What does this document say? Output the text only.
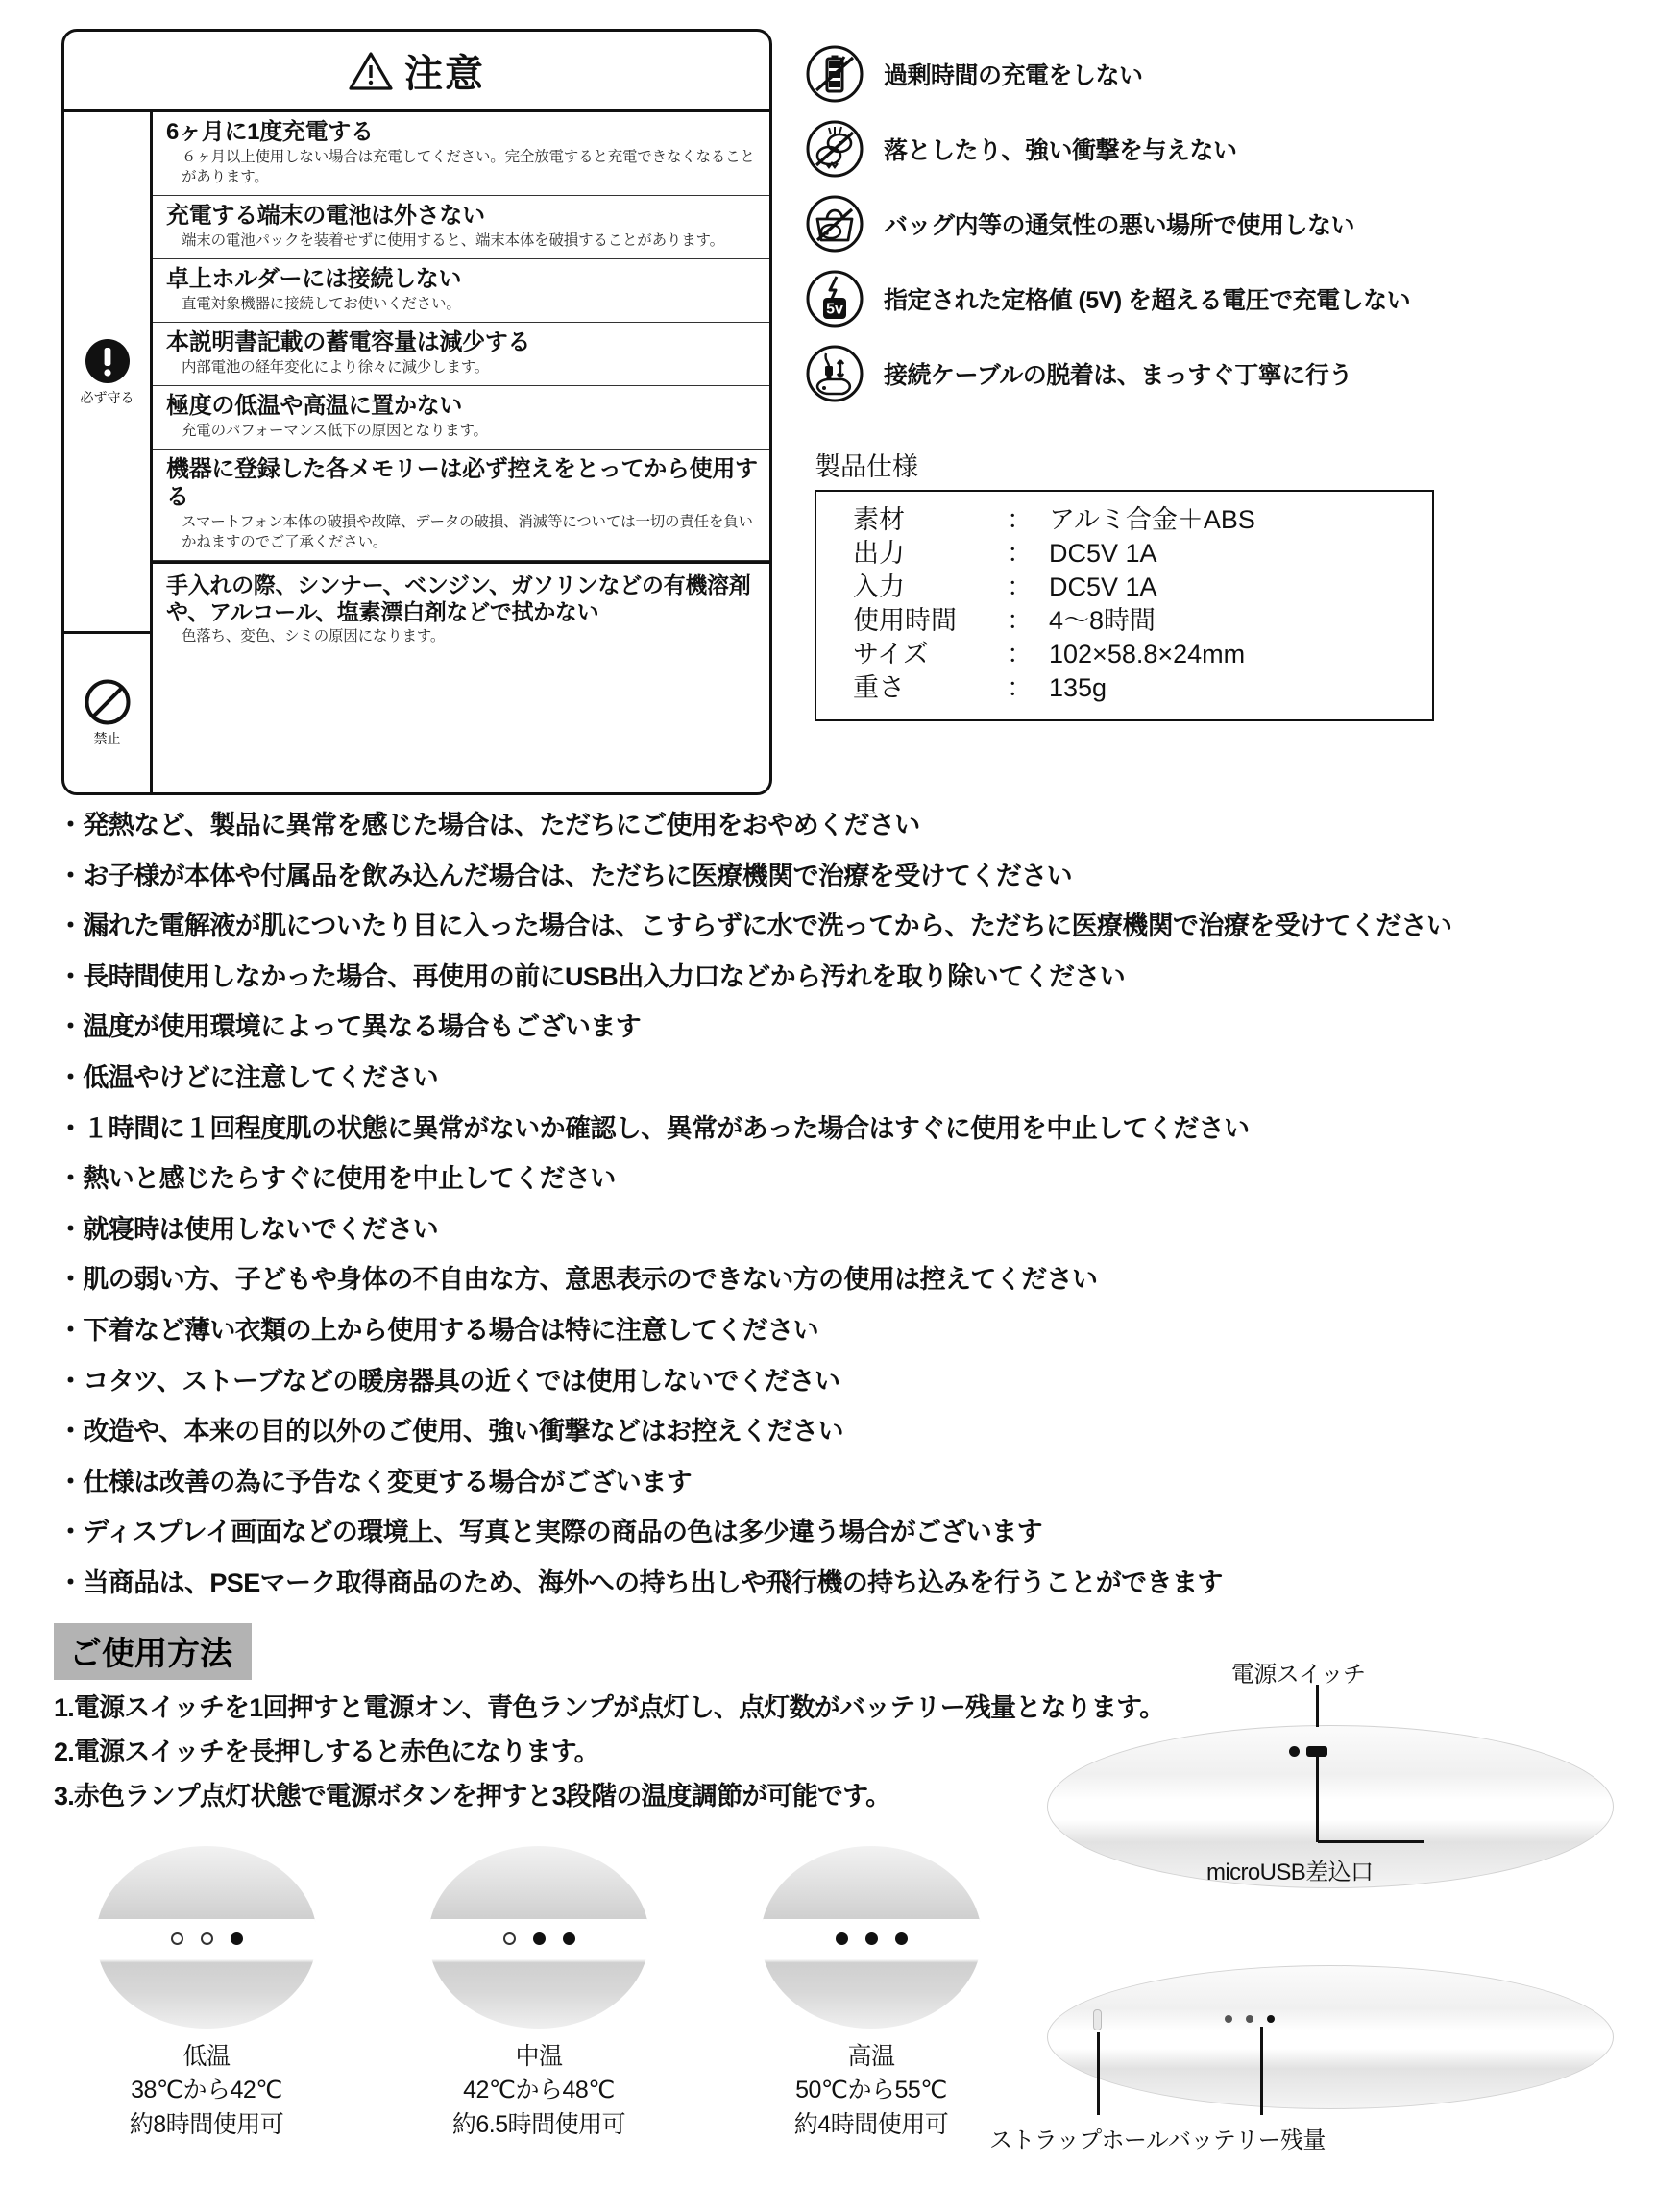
注意
必ず守る
禁止
6ヶ月に1度充電する
６ヶ月以上使用しない場合は充電してください。完全放電すると充電できなくなることがあります。
充電する端末の電池は外さない
端末の電池パックを装着せずに使用すると、端末本体を破損することがあります。
卓上ホルダーには接続しない
直電対象機器に接続してお使いください。
本説明書記載の蓄電容量は減少する
内部電池の経年変化により徐々に減少します。
極度の低温や高温に置かない
充電のパフォーマンス低下の原因となります。
機器に登録した各メモリーは必ず控えをとってから使用する
スマートフォン本体の破損や故障、データの破損、消滅等については一切の責任を負いかねますのでご了承ください。
手入れの際、シンナー、ベンジン、ガソリンなどの有機溶剤や、アルコール、塩素漂白剤などで拭かない
色落ち、変色、シミの原因になります。
過剰時間の充電をしない
落としたり、強い衝撃を与えない
バッグ内等の通気性の悪い場所で使用しない
5v 指定された定格値 (5V) を超える電圧で充電しない
接続ケーブルの脱着は、まっすぐ丁寧に行う
製品仕様
素材	： アルミ合金＋ABS
出力	： DC5V 1A
入力	： DC5V 1A
使用時間	： 4〜8時間
サイズ	： 102×58.8×24mm
重さ	： 135g

・発熱など、製品に異常を感じた場合は、ただちにご使用をおやめください

・お子様が本体や付属品を飲み込んだ場合は、ただちに医療機関で治療を受けてください

・漏れた電解液が肌についたり目に入った場合は、こすらずに水で洗ってから、ただちに医療機関で治療を受けてください

・長時間使用しなかった場合、再使用の前にUSB出入力口などから汚れを取り除いてください

・温度が使用環境によって異なる場合もございます

・低温やけどに注意してください

・１時間に１回程度肌の状態に異常がないか確認し、異常があった場合はすぐに使用を中止してください

・熱いと感じたらすぐに使用を中止してください

・就寝時は使用しないでください

・肌の弱い方、子どもや身体の不自由な方、意思表示のできない方の使用は控えてください

・下着など薄い衣類の上から使用する場合は特に注意してください

・コタツ、ストーブなどの暖房器具の近くでは使用しないでください

・改造や、本来の目的以外のご使用、強い衝撃などはお控えください

・仕様は改善の為に予告なく変更する場合がございます

・ディスプレイ画面などの環境上、写真と実際の商品の色は多少違う場合がございます

・当商品は、PSEマーク取得商品のため、海外への持ち出しや飛行機の持ち込みを行うことができます

ご使用方法
1.電源スイッチを1回押すと電源オン、青色ランプが点灯し、点灯数がバッテリー残量となります。
2.電源スイッチを長押しすると赤色になります。
3.赤色ランプ点灯状態で電源ボタンを押すと3段階の温度調節が可能です。
低温
38℃から42℃
約8時間使用可
中温
42℃から48℃
約6.5時間使用可
高温
50℃から55℃
約4時間使用可
電源スイッチ
microUSB差込口
ストラップホール バッテリー残量
